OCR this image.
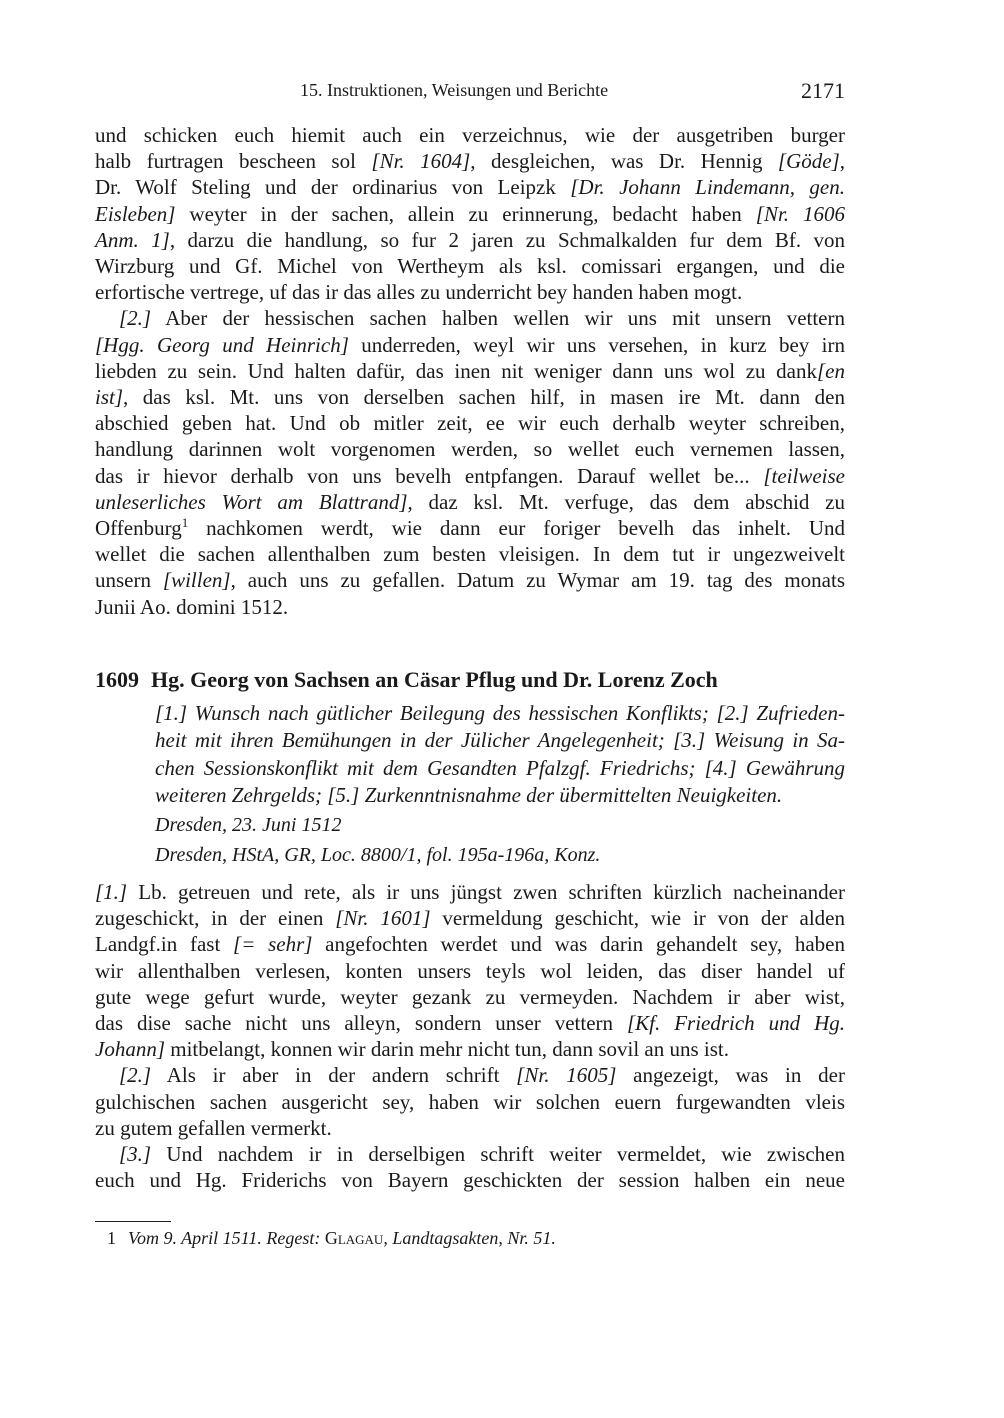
15. Instruktionen, Weisungen und Berichte	2171
und schicken euch hiemit auch ein verzeichnus, wie der ausgetriben burger
halb furtragen bescheen sol [Nr. 1604], desgleichen, was Dr. Hennig [Göde],
Dr. Wolf Steling und der ordinarius von Leipzk [Dr. Johann Lindemann, gen.
Eisleben] weyter in der sachen, allein zu erinnerung, bedacht haben [Nr. 1606
Anm. 1], darzu die handlung, so fur 2 jaren zu Schmalkalden fur dem Bf. von
Wirzburg und Gf. Michel von Wertheym als ksl. comissari ergangen, und die
erfortische vertrege, uf das ir das alles zu underricht bey handen haben mogt.
[2.] Aber der hessischen sachen halben wellen wir uns mit unsern vettern
[Hgg. Georg und Heinrich] underreden, weyl wir uns versehen, in kurz bey irn
liebden zu sein. Und halten dafür, das inen nit weniger dann uns wol zu dank[en
ist], das ksl. Mt. uns von derselben sachen hilf, in masen ire Mt. dann den
abschied geben hat. Und ob mitler zeit, ee wir euch derhalb weyter schreiben,
handlung darinnen wolt vorgenomen werden, so wellet euch vernemen lassen,
das ir hievor derhalb von uns bevelh entpfangen. Darauf wellet be... [teilweise
unleserliches Wort am Blattrand], daz ksl. Mt. verfuge, das dem abschid zu
Offenburg$^1$ nachkomen werdt, wie dann eur foriger bevelh das inhelt. Und
wellet die sachen allenthalben zum besten vleisigen. In dem tut ir ungezweivelt
unsern [willen], auch uns zu gefallen. Datum zu Wymar am 19. tag des monats
Junii Ao. domini 1512.
1609 Hg. Georg von Sachsen an Cäsar Pflug und Dr. Lorenz Zoch
[1.] Wunsch nach gütlicher Beilegung des hessischen Konflikts; [2.] Zufrieden-
heit mit ihren Bemühungen in der Jülicher Angelegenheit; [3.] Weisung in Sa-
chen Sessionskonflikt mit dem Gesandten Pfalzgf. Friedrichs; [4.] Gewährung
weiteren Zehrgelds; [5.] Zurkenntnisnahme der übermittelten Neuigkeiten.
Dresden, 23. Juni 1512
Dresden, HStA, GR, Loc. 8800/1, fol. 195a-196a, Konz.
[1.] Lb. getreuen und rete, als ir uns jüngst zwen schriften kürzlich nacheinander
zugeschickt, in der einen [Nr. 1601] vermeldung geschicht, wie ir von der alden
Landgf.in fast [= sehr] angefochten werdet und was darin gehandelt sey, haben
wir allenthalben verlesen, konten unsers teyls wol leiden, das diser handel uf
gute wege gefurt wurde, weyter gezank zu vermeyden. Nachdem ir aber wist,
das dise sache nicht uns alleyn, sondern unser vettern [Kf. Friedrich und Hg.
Johann] mitbelangt, konnen wir darin mehr nicht tun, dann sovil an uns ist.
[2.] Als ir aber in der andern schrift [Nr. 1605] angezeigt, was in der
gulchischen sachen ausgericht sey, haben wir solchen euern furgewandten vleis
zu gutem gefallen vermerkt.
[3.] Und nachdem ir in derselbigen schrift weiter vermeldet, wie zwischen
euch und Hg. Friderichs von Bayern geschickten der session halben ein neue
1 Vom 9. April 1511. Regest: Glagau, Landtagsakten, Nr. 51.
